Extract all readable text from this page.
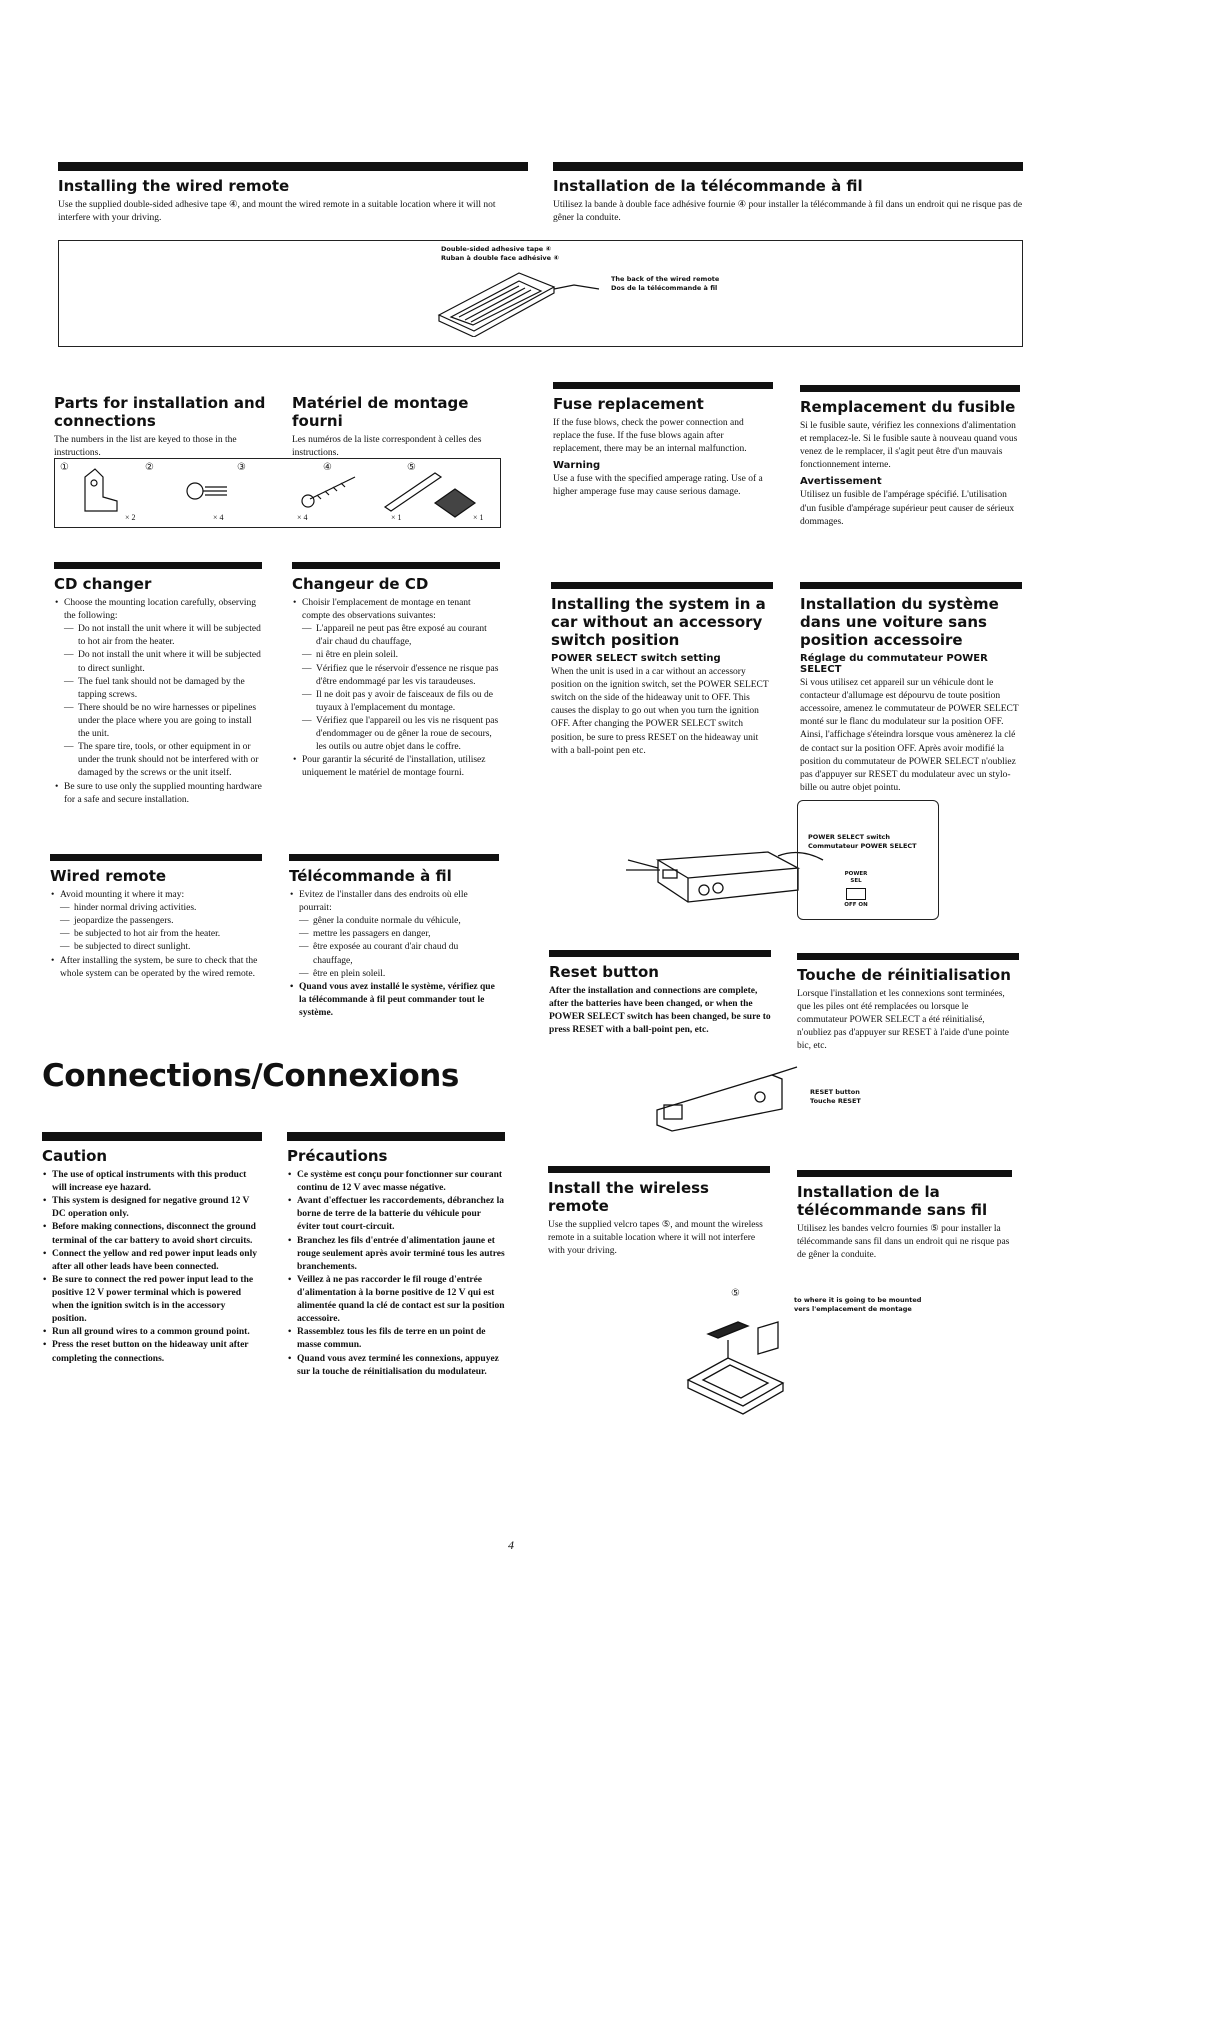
Installing the wired remote

Use the supplied double-sided adhesive tape ④, and mount the wired remote in a suitable location where it will not interfere with your driving.

Installation de la télécommande à fil

Utilisez la bande à double face adhésive fournie ④ pour installer la télécommande à fil dans un endroit qui ne risque pas de gêner la conduite.

Double-sided adhesive tape ④
Ruban à double face adhésive ④
The back of the wired remote
Dos de la télécommande à fil
Parts for installation and connections

The numbers in the list are keyed to those in the instructions.

Matériel de montage fourni

Les numéros de la liste correspondent à celles des instructions.

①	②	③	④	⑤
× 2	× 4	× 4	× 1	× 1
CD changer
• Choose the mounting location carefully, observing the following:
— Do not install the unit where it will be subjected to hot air from the heater.
— Do not install the unit where it will be subjected to direct sunlight.
— The fuel tank should not be damaged by the tapping screws.
— There should be no wire harnesses or pipelines under the place where you are going to install the unit.
— The spare tire, tools, or other equipment in or under the trunk should not be interfered with or damaged by the screws or the unit itself.
• Be sure to use only the supplied mounting hardware for a safe and secure installation.
Changeur de CD
• Choisir l'emplacement de montage en tenant compte des observations suivantes:
— L'appareil ne peut pas être exposé au courant d'air chaud du chauffage,
— ni être en plein soleil.
— Vérifiez que le réservoir d'essence ne risque pas d'être endommagé par les vis taraudeuses.
— Il ne doit pas y avoir de faisceaux de fils ou de tuyaux à l'emplacement du montage.
— Vérifiez que l'appareil ou les vis ne risquent pas d'endommager ou de gêner la roue de secours, les outils ou autre objet dans le coffre.
• Pour garantir la sécurité de l'installation, utilisez uniquement le matériel de montage fourni.
Wired remote
• Avoid mounting it where it may:
— hinder normal driving activities.
— jeopardize the passengers.
— be subjected to hot air from the heater.
— be subjected to direct sunlight.
• After installing the system, be sure to check that the whole system can be operated by the wired remote.
Télécommande à fil
• Evitez de l'installer dans des endroits où elle pourrait:
— gêner la conduite normale du véhicule,
— mettre les passagers en danger,
— être exposée au courant d'air chaud du chauffage,
— être en plein soleil.
• Quand vous avez installé le système, vérifiez que la télécommande à fil peut commander tout le système.
Connections/Connexions
Caution
• The use of optical instruments with this product will increase eye hazard.
• This system is designed for negative ground 12 V DC operation only.
• Before making connections, disconnect the ground terminal of the car battery to avoid short circuits.
• Connect the yellow and red power input leads only after all other leads have been connected.
• Be sure to connect the red power input lead to the positive 12 V power terminal which is powered when the ignition switch is in the accessory position.
• Run all ground wires to a common ground point.
• Press the reset button on the hideaway unit after completing the connections.
Précautions
• Ce système est conçu pour fonctionner sur courant continu de 12 V avec masse négative.
• Avant d'effectuer les raccordements, débranchez la borne de terre de la batterie du véhicule pour éviter tout court-circuit.
• Branchez les fils d'entrée d'alimentation jaune et rouge seulement après avoir terminé tous les autres branchements.
• Veillez à ne pas raccorder le fil rouge d'entrée d'alimentation à la borne positive de 12 V qui est alimentée quand la clé de contact est sur la position accessoire.
• Rassemblez tous les fils de terre en un point de masse commun.
• Quand vous avez terminé les connexions, appuyez sur la touche de réinitialisation du modulateur.
Fuse replacement

If the fuse blows, check the power connection and replace the fuse. If the fuse blows again after replacement, there may be an internal malfunction.

Warning

Use a fuse with the specified amperage rating. Use of a higher amperage fuse may cause serious damage.

Remplacement du fusible

Si le fusible saute, vérifiez les connexions d'alimentation et remplacez-le. Si le fusible saute à nouveau quand vous venez de le remplacer, il s'agit peut être d'un mauvais fonctionnement interne.

Avertissement

Utilisez un fusible de l'ampérage spécifié. L'utilisation d'un fusible d'ampérage supérieur peut causer de sérieux dommages.

Installing the system in a car without an accessory switch position
POWER SELECT switch setting

When the unit is used in a car without an accessory position on the ignition switch, set the POWER SELECT switch on the side of the hideaway unit to OFF. This causes the display to go out when you turn the ignition OFF. After changing the POWER SELECT switch position, be sure to press RESET on the hideaway unit with a ball-point pen etc.

Installation du système dans une voiture sans position accessoire
Réglage du commutateur POWER SELECT

Si vous utilisez cet appareil sur un véhicule dont le contacteur d'allumage est dépourvu de toute position accessoire, amenez le commutateur de POWER SELECT monté sur le flanc du modulateur sur la position OFF. Ainsi, l'affichage s'éteindra lorsque vous amènerez la clé de contact sur la position OFF. Après avoir modifié la position du commutateur de POWER SELECT n'oubliez pas d'appuyer sur RESET du modulateur avec un stylo-bille ou autre objet pointu.

POWER SELECT switch
Commutateur POWER SELECT
POWER
SEL
OFF ON
Reset button

After the installation and connections are complete, after the batteries have been changed, or when the POWER SELECT switch has been changed, be sure to press RESET with a ball-point pen, etc.

Touche de réinitialisation

Lorsque l'installation et les connexions sont terminées, que les piles ont été remplacées ou lorsque le commutateur POWER SELECT a été réinitialisé, n'oubliez pas d'appuyer sur RESET à l'aide d'une pointe bic, etc.

RESET button
Touche RESET
Install the wireless remote

Use the supplied velcro tapes ⑤, and mount the wireless remote in a suitable location where it will not interfere with your driving.

Installation de la télécommande sans fil

Utilisez les bandes velcro fournies ⑤ pour installer la télécommande sans fil dans un endroit qui ne risque pas de gêner la conduite.

⑤
to where it is going to be mounted
vers l'emplacement de montage
4
